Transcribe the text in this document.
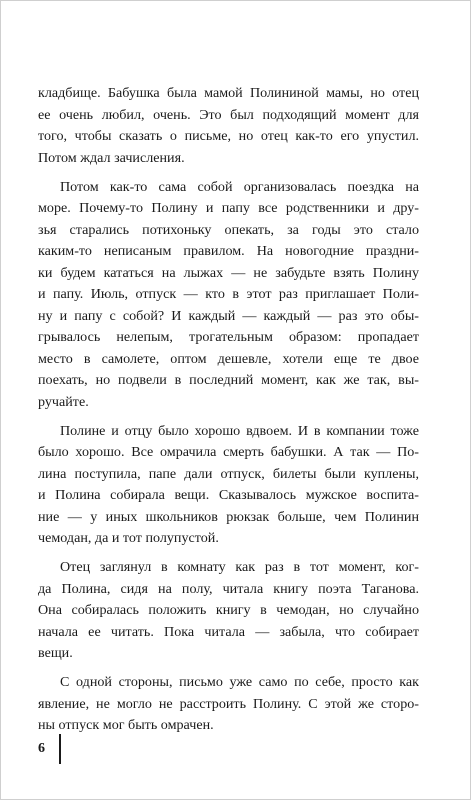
кладбище. Бабушка была мамой Полининой мамы, но отец
ее очень любил, очень. Это был подходящий момент для
того, чтобы сказать о письме, но отец как-то его упустил.
Потом ждал зачисления.
Потом как-то сама собой организовалась поездка на
море. Почему-то Полину и папу все родственники и дру-
зья старались потихоньку опекать, за годы это стало
каким-то неписаным правилом. На новогодние праздни-
ки будем кататься на лыжах — не забудьте взять Полину
и папу. Июль, отпуск — кто в этот раз приглашает Поли-
ну и папу с собой? И каждый — каждый — раз это обы-
грывалось нелепым, трогательным образом: пропадает
место в самолете, оптом дешевле, хотели еще те двое
поехать, но подвели в последний момент, как же так, вы-
ручайте.
Полине и отцу было хорошо вдвоем. И в компании тоже
было хорошо. Все омрачила смерть бабушки. А так — По-
лина поступила, папе дали отпуск, билеты были куплены,
и Полина собирала вещи. Сказывалось мужское воспита-
ние — у иных школьников рюкзак больше, чем Полинин
чемодан, да и тот полупустой.
Отец заглянул в комнату как раз в тот момент, ког-
да Полина, сидя на полу, читала книгу поэта Таганова.
Она собиралась положить книгу в чемодан, но случайно
начала ее читать. Пока читала — забыла, что собирает
вещи.
С одной стороны, письмо уже само по себе, просто как
явление, не могло не расстроить Полину. С этой же сторо-
ны отпуск мог быть омрачен.
6
